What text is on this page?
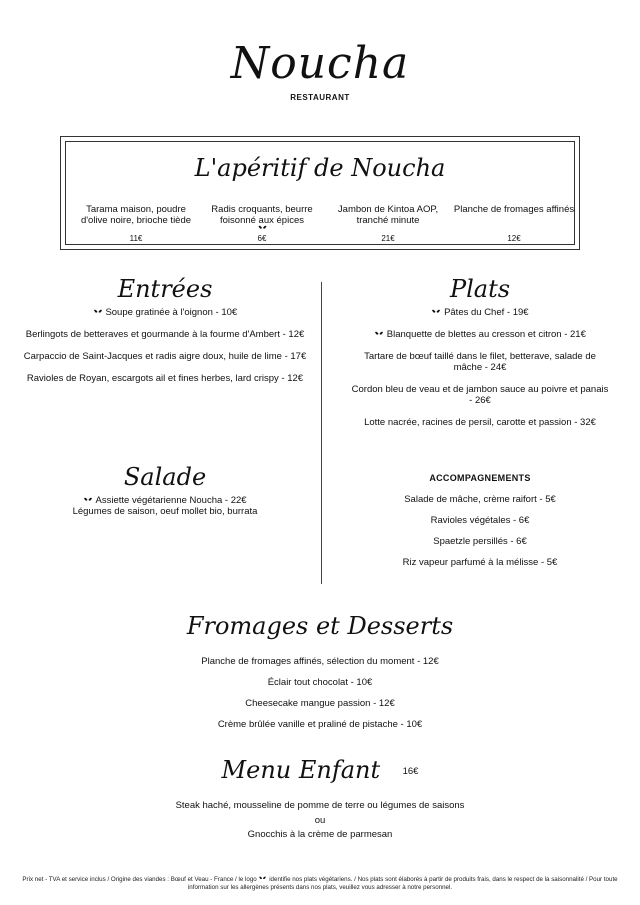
Noucha
RESTAURANT
L'apéritif de Noucha
Tarama maison, poudre d'olive noire, brioche tiède
11€
Radis croquants, beurre foisonné aux épices
6€
Jambon de Kintoa AOP, tranché minute
21€
Planche de fromages affinés
12€
Entrées
Soupe gratinée à l'oignon - 10€
Berlingots de betteraves et gourmande à la fourme d'Ambert - 12€
Carpaccio de Saint-Jacques et radis aigre doux, huile de lime - 17€
Ravioles de Royan, escargots ail et fines herbes, lard crispy - 12€
Salade
Assiette végétarienne Noucha - 22€
Légumes de saison, oeuf mollet bio, burrata
Plats
Pâtes du Chef - 19€
Blanquette de blettes au cresson et citron - 21€
Tartare de bœuf taillé dans le filet, betterave, salade de mâche - 24€
Cordon bleu de veau et de jambon sauce au poivre et panais - 26€
Lotte nacrée, racines de persil, carotte et passion - 32€
ACCOMPAGNEMENTS
Salade de mâche, crème raifort - 5€
Ravioles végétales - 6€
Spaetzle persillés - 6€
Riz vapeur parfumé à la mélisse - 5€
Fromages et Desserts
Planche de fromages affinés, sélection du moment - 12€
Éclair tout chocolat - 10€
Cheesecake mangue passion - 12€
Crème brûlée vanille et praliné de pistache - 10€
Menu Enfant $^{16€}$
Steak haché, mousseline de pomme de terre ou légumes de saisons
ou
Gnocchis à la crème de parmesan
Prix net - TVA et service inclus / Origine des viandes : Bœuf et Veau - France / le logo identifie nos plats végétariens. / Nos plats sont élaborés à partir de produits frais, dans le respect de la saisonnalité / Pour toute information sur les allergènes présents dans nos plats, veuillez vous adresser à notre personnel.
